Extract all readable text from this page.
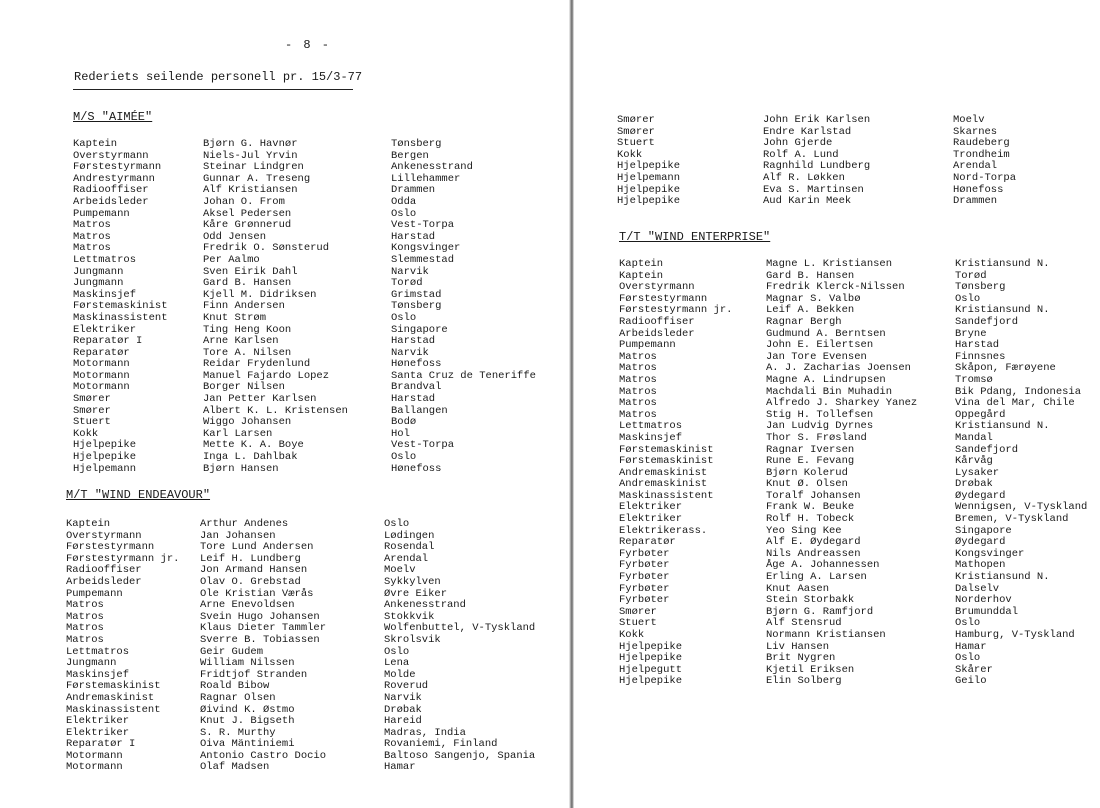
- 8 -
Rederiets seilende personell pr. 15/3-77
M/S "AIMÉE"
Kaptein	Bjørn G. Havnør	Tønsberg
Overstyrmann	Niels-Jul Yrvin	Bergen
Førstestyrmann	Steinar Lindgren	Ankenesstrand
Andrestyrmann	Gunnar A. Treseng	Lillehammer
Radiooffiser	Alf Kristiansen	Drammen
Arbeidsleder	Johan O. From	Odda
Pumpemann	Aksel Pedersen	Oslo
Matros	Kåre Grønnerud	Vest-Torpa
Matros	Odd Jensen	Harstad
Matros	Fredrik O. Sønsterud	Kongsvinger
Lettmatros	Per Aalmo	Slemmestad
Jungmann	Sven Eirik Dahl	Narvik
Jungmann	Gard B. Hansen	Torød
Maskinsjef	Kjell M. Didriksen	Grimstad
Førstemaskinist	Finn Andersen	Tønsberg
Maskinassistent	Knut Strøm	Oslo
Elektriker	Ting Heng Koon	Singapore
Reparatør I	Arne Karlsen	Harstad
Reparatør	Tore A. Nilsen	Narvik
Motormann	Reidar Frydenlund	Hønefoss
Motormann	Manuel Fajardo Lopez	Santa Cruz de Teneriffe
Motormann	Borger Nilsen	Brandval
Smører	Jan Petter Karlsen	Harstad
Smører	Albert K. L. Kristensen	Ballangen
Stuert	Wiggo Johansen	Bodø
Kokk	Karl Larsen	Hol
Hjelpepike	Mette K. A. Boye	Vest-Torpa
Hjelpepike	Inga L. Dahlbak	Oslo
Hjelpemann	Bjørn Hansen	Hønefoss
M/T "WIND ENDEAVOUR"
Kaptein	Arthur Andenes	Oslo
Overstyrmann	Jan Johansen	Lødingen
Førstestyrmann	Tore Lund Andersen	Rosendal
Førstestyrmann jr. Leif H. Lundberg	Arendal
Radiooffiser	Jon Armand Hansen	Moelv
Arbeidsleder	Olav O. Grebstad	Sykkylven
Pumpemann	Ole Kristian Værås	Øvre Eiker
Matros	Arne Enevoldsen	Ankenesstrand
Matros	Svein Hugo Johansen	Stokkvik
Matros	Klaus Dieter Tammler	Wolfenbuttel, V-Tyskland
Matros	Sverre B. Tobiassen	Skrolsvik
Lettmatros	Geir Gudem	Oslo
Jungmann	William Nilssen	Lena
Maskinsjef	Fridtjof Stranden	Molde
Førstemaskinist	Roald Bibow	Roverud
Andremaskinist	Ragnar Olsen	Narvik
Maskinassistent	Øivind K. Østmo	Drøbak
Elektriker	Knut J. Bigseth	Hareid
Elektriker	S. R. Murthy	Madras, India
Reparatør I	Oiva Mäntiniemi	Rovaniemi, Finland
Motormann	Antonio Castro Docio	Baltoso Sangenjo, Spania
Motormann	Olaf Madsen	Hamar
Smører	John Erik Karlsen	Moelv
Smører	Endre Karlstad	Skarnes
Stuert	John Gjerde	Raudeberg
Kokk	Rolf A. Lund	Trondheim
Hjelpepike	Ragnhild Lundberg	Arendal
Hjelpemann	Alf R. Løkken	Nord-Torpa
Hjelpepike	Eva S. Martinsen	Hønefoss
Hjelpepike	Aud Karin Meek	Drammen
T/T "WIND ENTERPRISE"
Kaptein	Magne L. Kristiansen	Kristiansund N.
Kaptein	Gard B. Hansen	Torød
Overstyrmann	Fredrik Klerck-Nilssen	Tønsberg
Førstestyrmann	Magnar S. Valbø	Oslo
Førstestyrmann jr.	Leif A. Bekken	Kristiansund N.
Radiooffiser	Ragnar Bergh	Sandefjord
Arbeidsleder	Gudmund A. Berntsen	Bryne
Pumpemann	John E. Eilertsen	Harstad
Matros	Jan Tore Evensen	Finnsnes
Matros	A. J. Zacharias Joensen	Skåpon, Færøyene
Matros	Magne A. Lindrupsen	Tromsø
Matros	Machdali Bin Muhadin	Bik Pdang, Indonesia
Matros	Alfredo J. Sharkey Yanez	Vina del Mar, Chile
Matros	Stig H. Tollefsen	Oppegård
Lettmatros	Jan Ludvig Dyrnes	Kristiansund N.
Maskinsjef	Thor S. Frøsland	Mandal
Førstemaskinist	Ragnar Iversen	Sandefjord
Førstemaskinist	Rune E. Fevang	Kårvåg
Andremaskinist	Bjørn Kolerud	Lysaker
Andremaskinist	Knut Ø. Olsen	Drøbak
Maskinassistent	Toralf Johansen	Øydegard
Elektriker	Frank W. Beuke	Wennigsen, V-Tyskland
Elektriker	Rolf H. Tobeck	Bremen, V-Tyskland
Elektrikerass.	Yeo Sing Kee	Singapore
Reparatør	Alf E. Øydegard	Øydegard
Fyrbøter	Nils Andreassen	Kongsvinger
Fyrbøter	Åge A. Johannessen	Mathopen
Fyrbøter	Erling A. Larsen	Kristiansund N.
Fyrbøter	Knut Aasen	Dalselv
Fyrbøter	Stein Storbakk	Norderhov
Smører	Bjørn G. Ramfjord	Brumunddal
Stuert	Alf Stensrud	Oslo
Kokk	Normann Kristiansen	Hamburg, V-Tyskland
Hjelpepike	Liv Hansen	Hamar
Hjelpepike	Brit Nygren	Oslo
Hjelpegutt	Kjetil Eriksen	Skårer
Hjelpepike	Elin Solberg	Geilo
